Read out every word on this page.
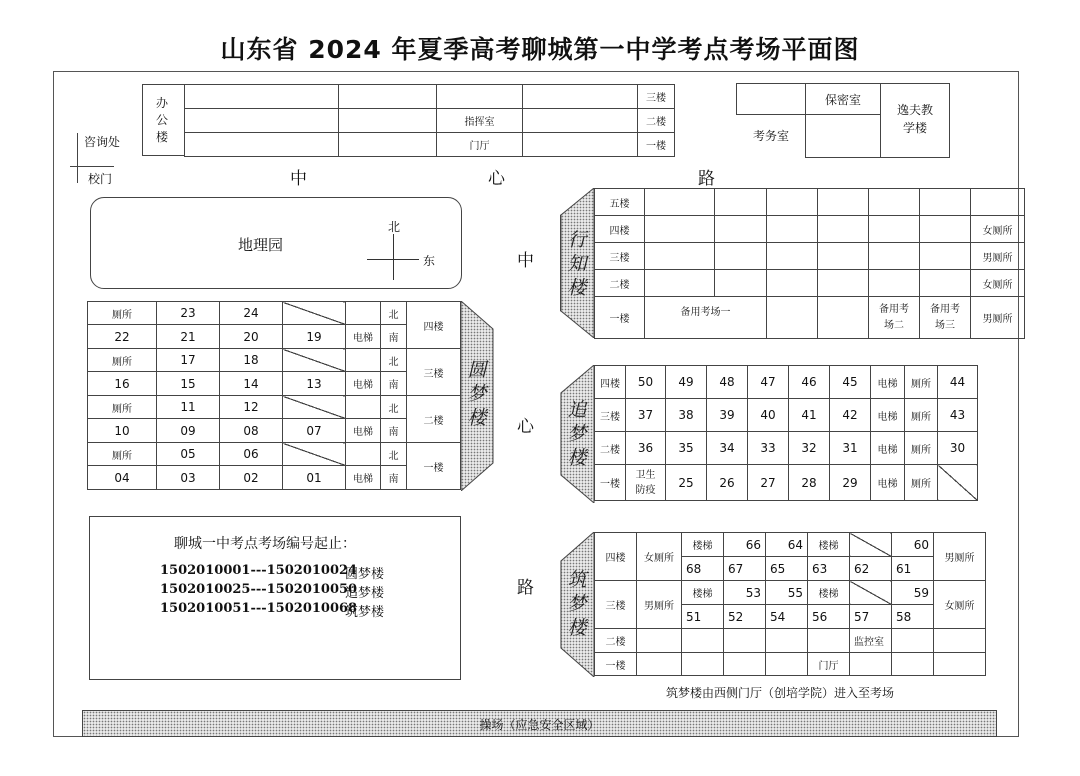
山东省 2024 年夏季高考聊城第一中学考点考场平面图
办公楼
				三楼
		指挥室		二楼
		门厅		一楼
咨询处
校门
保密室
考务室
逸夫教学楼
中	心	路
中
心
路
地理园
北
东
行知楼
五楼							
四楼							女厕所
三楼							男厕所
二楼							女厕所
一楼	备用考场一				备用考场二	备用考场三	男厕所
厕所	23	24			北	四楼
22	21	20	19	电梯	南	
厕所	17	18			北	三楼
16	15	14	13	电梯	南	
厕所	11	12			北	二楼
10	09	08	07	电梯	南	
厕所	05	06			北	一楼
04	03	02	01	电梯	南	
圆梦楼	追梦楼
四楼	50	49	48	47	46	45	电梯	厕所	44
三楼	37	38	39	40	41	42	电梯	厕所	43
二楼	36	35	34	33	32	31	电梯	厕所	30
一楼	卫生防疫	25	26	27	28	29	电梯	厕所	
筑梦楼
四楼	女厕所	楼梯	66	64	楼梯		60	男厕所
		68	67	65	63	62	61	
三楼	男厕所	楼梯	53	55	楼梯		59	女厕所
		51	52	54	56	57	58	
二楼						监控室		
一楼					门厅			
筑梦楼由西侧门厅（创培学院）进入至考场
聊城一中考点考场编号起止：
1502010001---1502010024
圆梦楼
1502010025---1502010050
追梦楼
1502010051---1502010068
筑梦楼
操场（应急安全区域）
